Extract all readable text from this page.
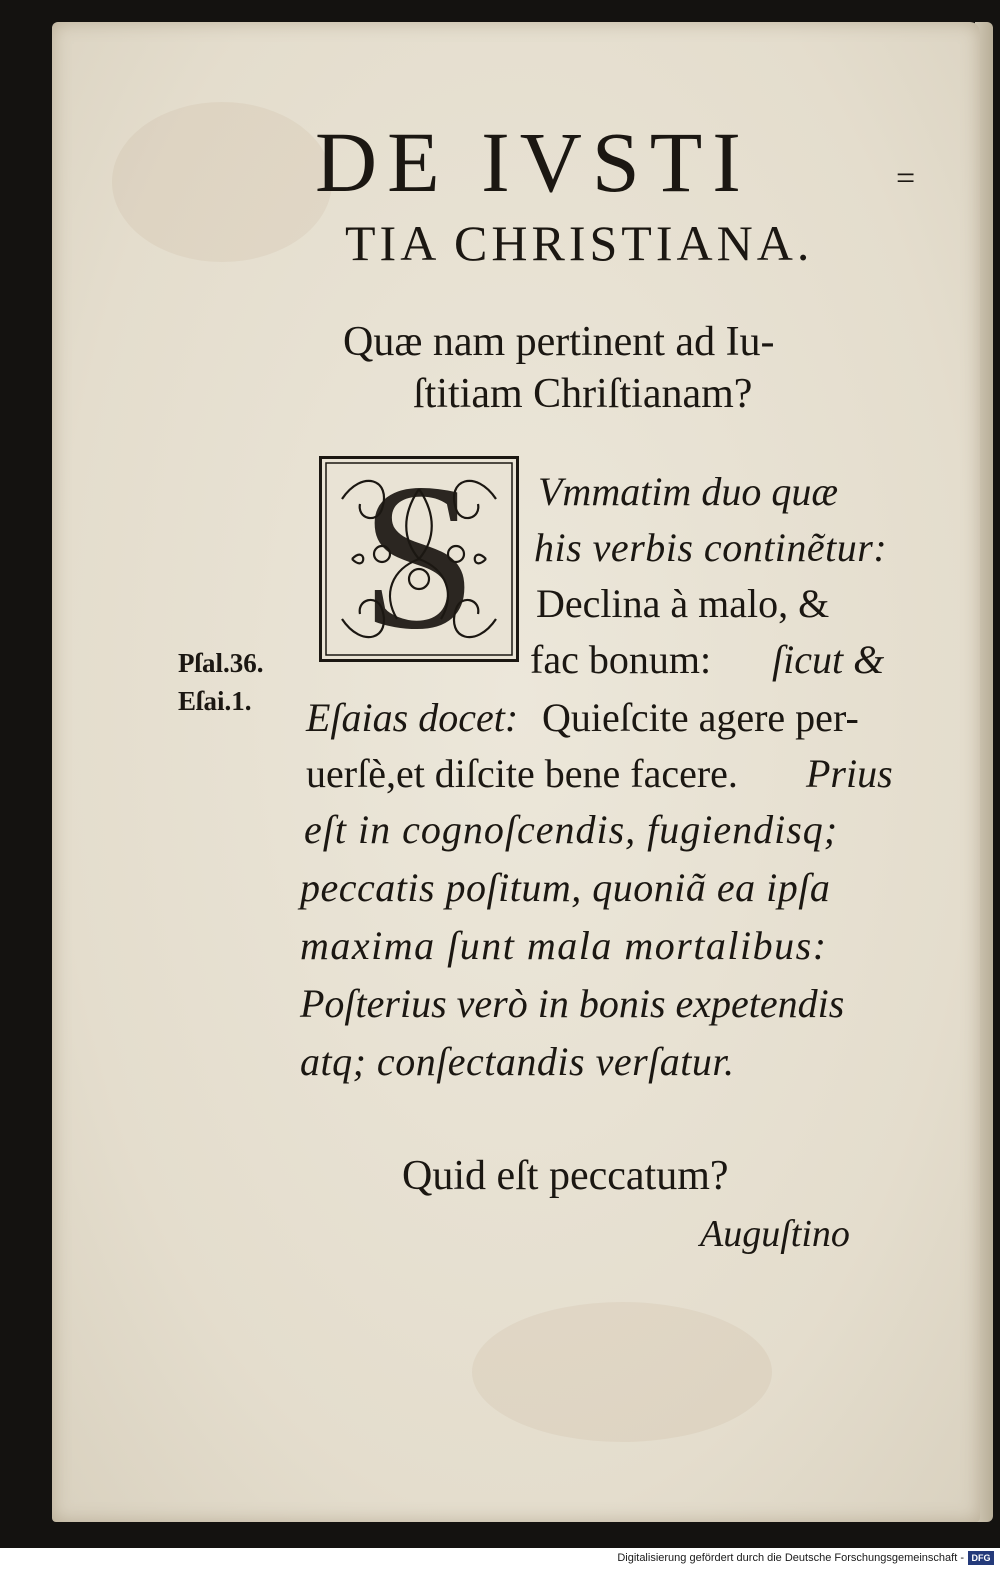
DE IVSTI	=
TIA CHRISTIANA.
Quæ nam pertinent ad Iu-
ſtitiam Chriſtianam?
S	Vmmatim duo quæ
his verbis continẽtur:
Declina à malo, &
fac bonum: ſicut &
Pſal.36.
Eſai.1. Eſaias docet: Quieſcite agere per-
uerſè,et diſcite bene facere. Prius
eſt in cognoſcendis, fugiendisq;
peccatis poſitum, quoniã ea ipſa
maxima ſunt mala mortalibus:
Poſterius verò in bonis expetendis
atq; conſectandis verſatur.
Quid eſt peccatum?
Auguſtino
Digitalisierung gefördert durch die Deutsche Forschungsgemeinschaft - DFG
